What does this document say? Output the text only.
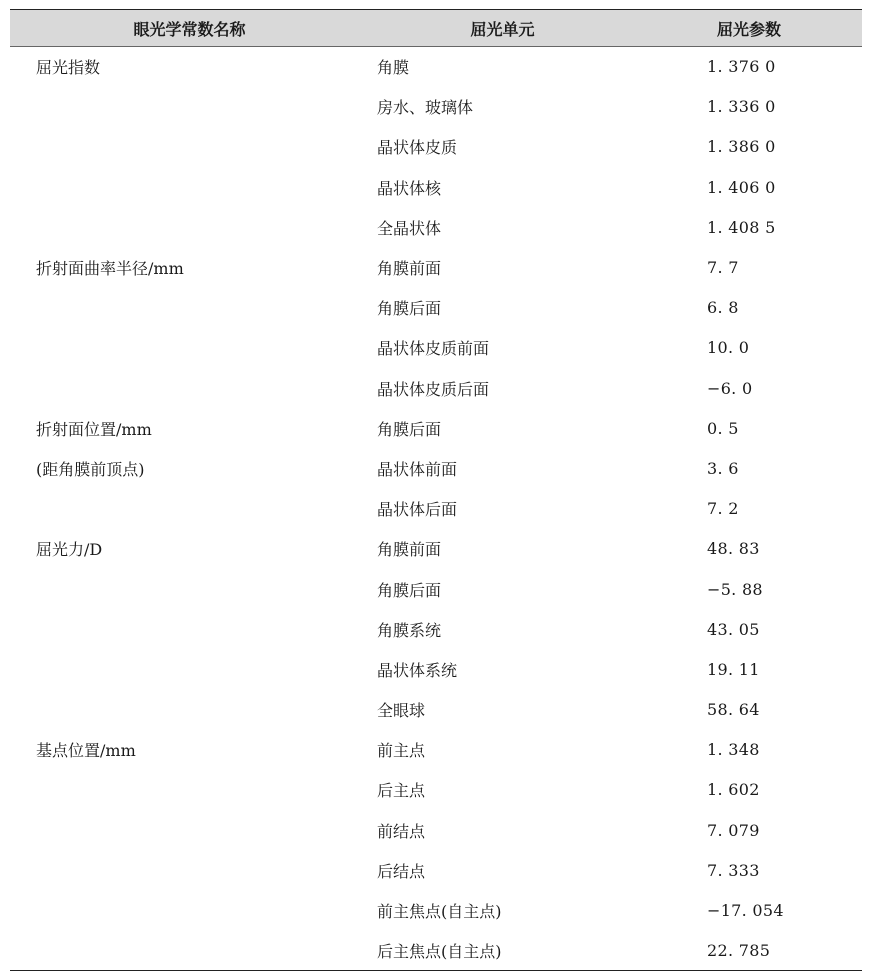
眼光学常数名称	屈光单元	屈光参数
屈光指数	角膜	1. 376 0
	房水、玻璃体	1. 336 0
	晶状体皮质	1. 386 0
	晶状体核	1. 406 0
	全晶状体	1. 408 5
折射面曲率半径/mm	角膜前面	7. 7
	角膜后面	6. 8
	晶状体皮质前面	10. 0
	晶状体皮质后面	−6. 0
折射面位置/mm	角膜后面	0. 5
(距角膜前顶点)	晶状体前面	3. 6
	晶状体后面	7. 2
屈光力/D	角膜前面	48. 83
	角膜后面	−5. 88
	角膜系统	43. 05
	晶状体系统	19. 11
	全眼球	58. 64
基点位置/mm	前主点	1. 348
	后主点	1. 602
	前结点	7. 079
	后结点	7. 333
	前主焦点(自主点)	−17. 054
	后主焦点(自主点)	22. 785
